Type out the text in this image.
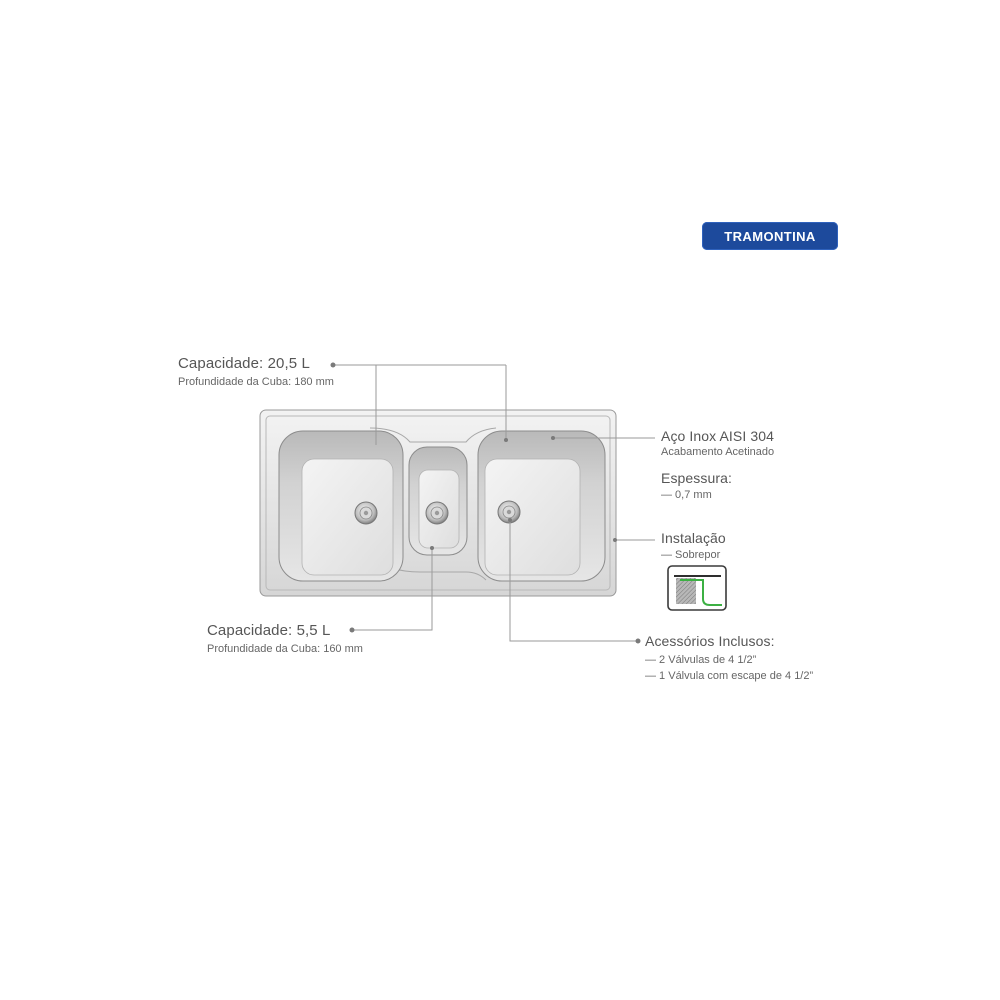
TRAMONTINA
Capacidade: 20,5 L
Profundidade da Cuba: 180 mm
Aço Inox AISI 304
Acabamento Acetinado
Espessura:
— 0,7 mm
Instalação
— Sobrepor
Capacidade: 5,5 L
Profundidade da Cuba: 160 mm	Acessórios Inclusos:
— 2 Válvulas de 4 1/2”
— 1 Válvula com escape de 4 1/2”
